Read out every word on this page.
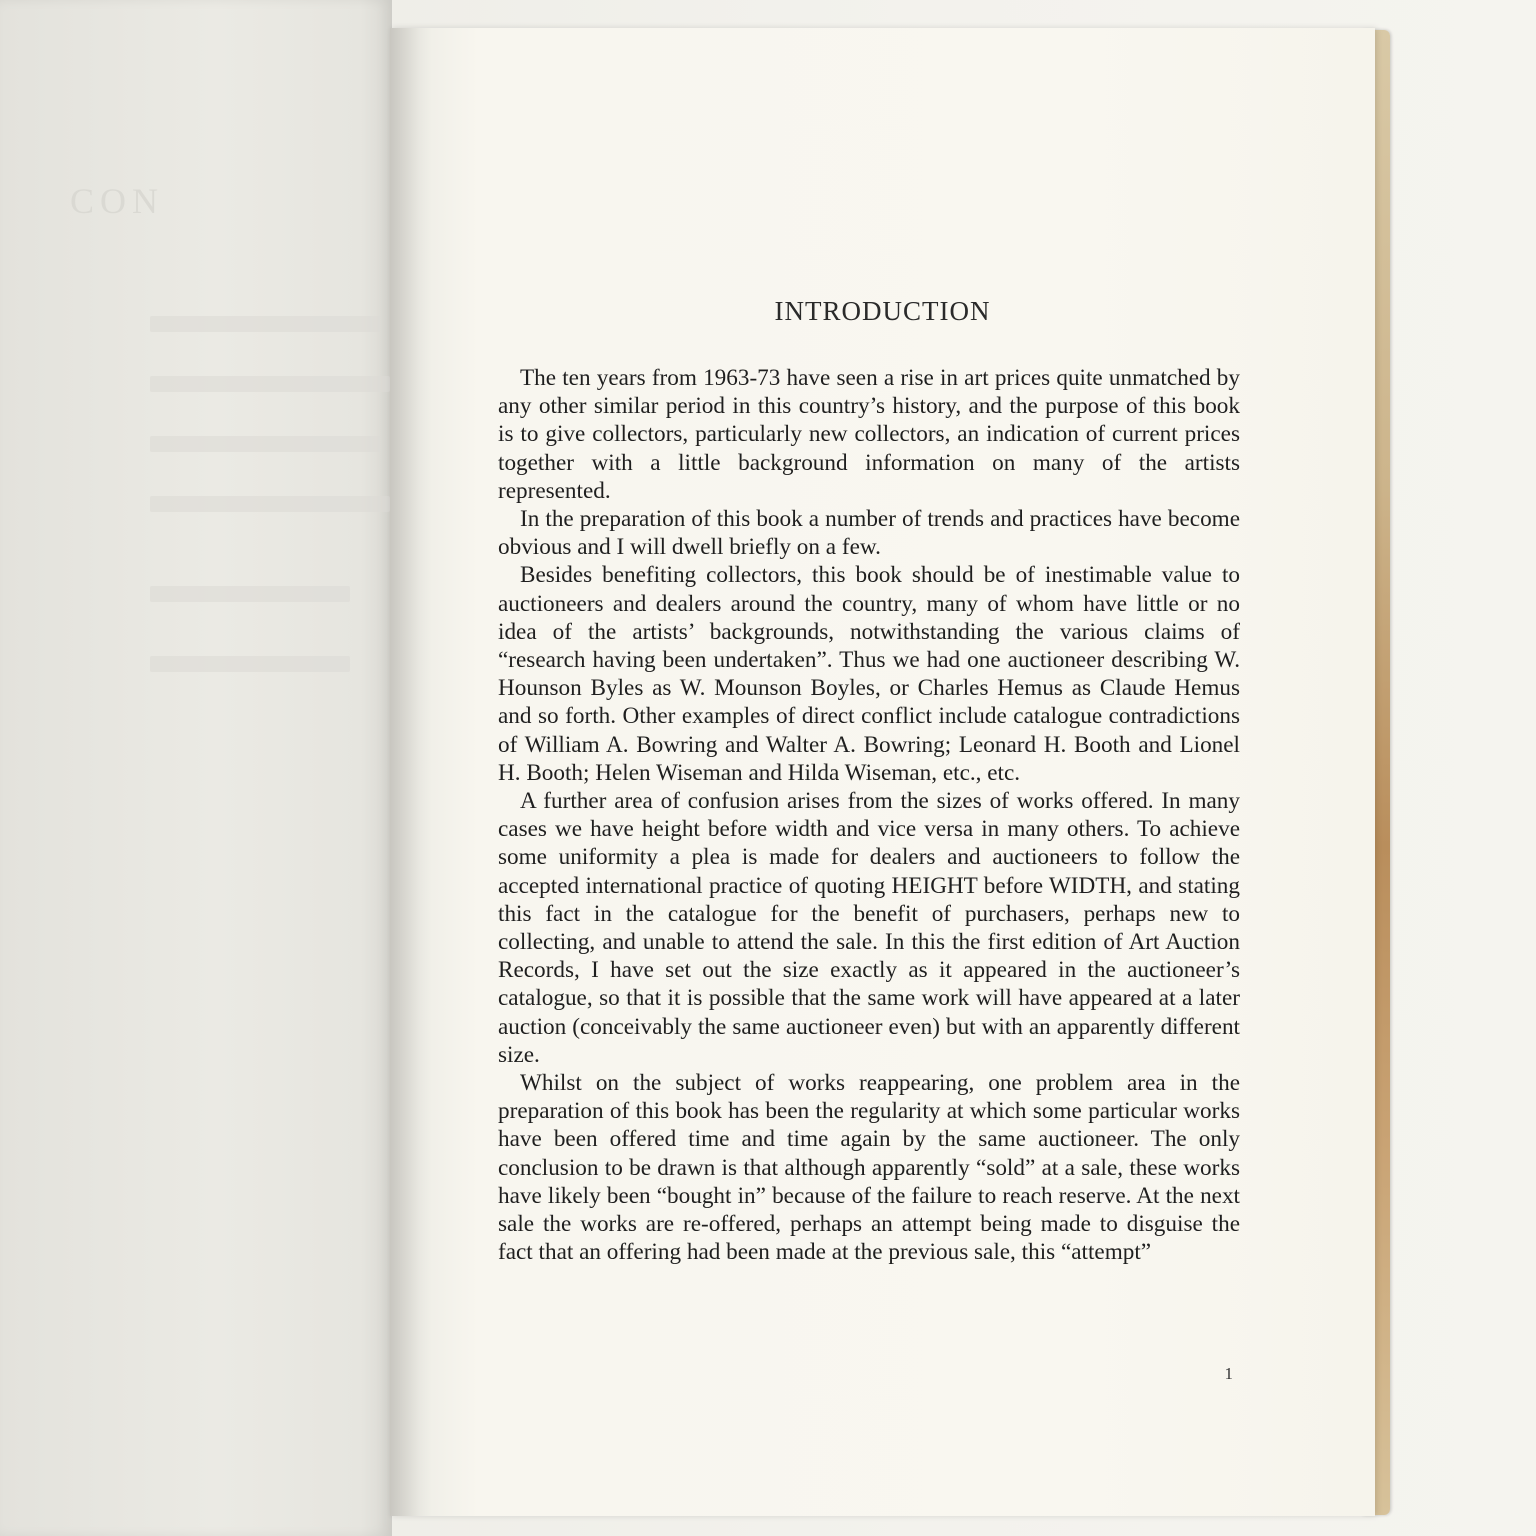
CON
INTRODUCTION

The ten years from 1963-73 have seen a rise in art prices quite unmatched by any other similar period in this country’s history, and the purpose of this book is to give collectors, particularly new collectors, an indication of current prices together with a little background information on many of the artists represented.

In the preparation of this book a number of trends and practices have become obvious and I will dwell briefly on a few.

Besides benefiting collectors, this book should be of inestimable value to auctioneers and dealers around the country, many of whom have little or no idea of the artists’ backgrounds, notwithstanding the various claims of “research having been undertaken”. Thus we had one auctioneer describing W. Hounson Byles as W. Mounson Boyles, or Charles Hemus as Claude Hemus and so forth. Other examples of direct conflict include catalogue contradictions of William A. Bowring and Walter A. Bowring; Leonard H. Booth and Lionel H. Booth; Helen Wiseman and Hilda Wiseman, etc., etc.

A further area of confusion arises from the sizes of works offered. In many cases we have height before width and vice versa in many others. To achieve some uniformity a plea is made for dealers and auctioneers to follow the accepted international practice of quoting HEIGHT before WIDTH, and stating this fact in the catalogue for the benefit of purchasers, perhaps new to collecting, and unable to attend the sale. In this the first edition of Art Auction Records, I have set out the size exactly as it appeared in the auctioneer’s catalogue, so that it is possible that the same work will have appeared at a later auction (conceivably the same auctioneer even) but with an apparently different size.

Whilst on the subject of works reappearing, one problem area in the preparation of this book has been the regularity at which some particular works have been offered time and time again by the same auctioneer. The only conclusion to be drawn is that although apparently “sold” at a sale, these works have likely been “bought in” because of the failure to reach reserve. At the next sale the works are re-offered, perhaps an attempt being made to disguise the fact that an offering had been made at the previous sale, this “attempt”

1
